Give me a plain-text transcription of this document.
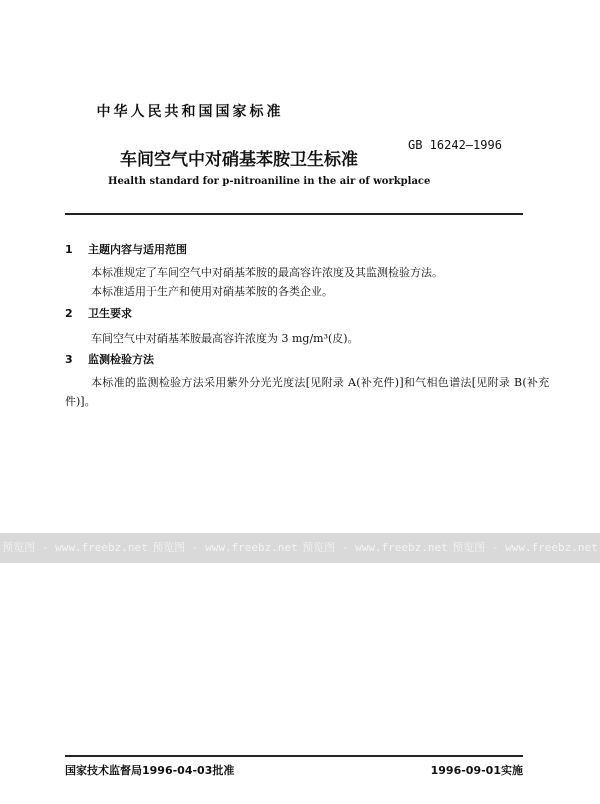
中华人民共和国国家标准
车间空气中对硝基苯胺卫生标准
GB 16242—1996
Health standard for p-nitroaniline in the air of workplace
1 主题内容与适用范围
本标准规定了车间空气中对硝基苯胺的最高容许浓度及其监测检验方法。
本标准适用于生产和使用对硝基苯胺的各类企业。
2 卫生要求
车间空气中对硝基苯胺最高容许浓度为 3 mg/m³(皮)。
3 监测检验方法
本标准的监测检验方法采用紫外分光光度法[见附录 A(补充件)]和气相色谱法[见附录 B(补充
件)]。
预览图 - www.freebz.net 预览图 - www.freebz.net 预览图 - www.freebz.net 预览图 - www.freebz.net
国家技术监督局1996-04-03批准	1996-09-01实施
